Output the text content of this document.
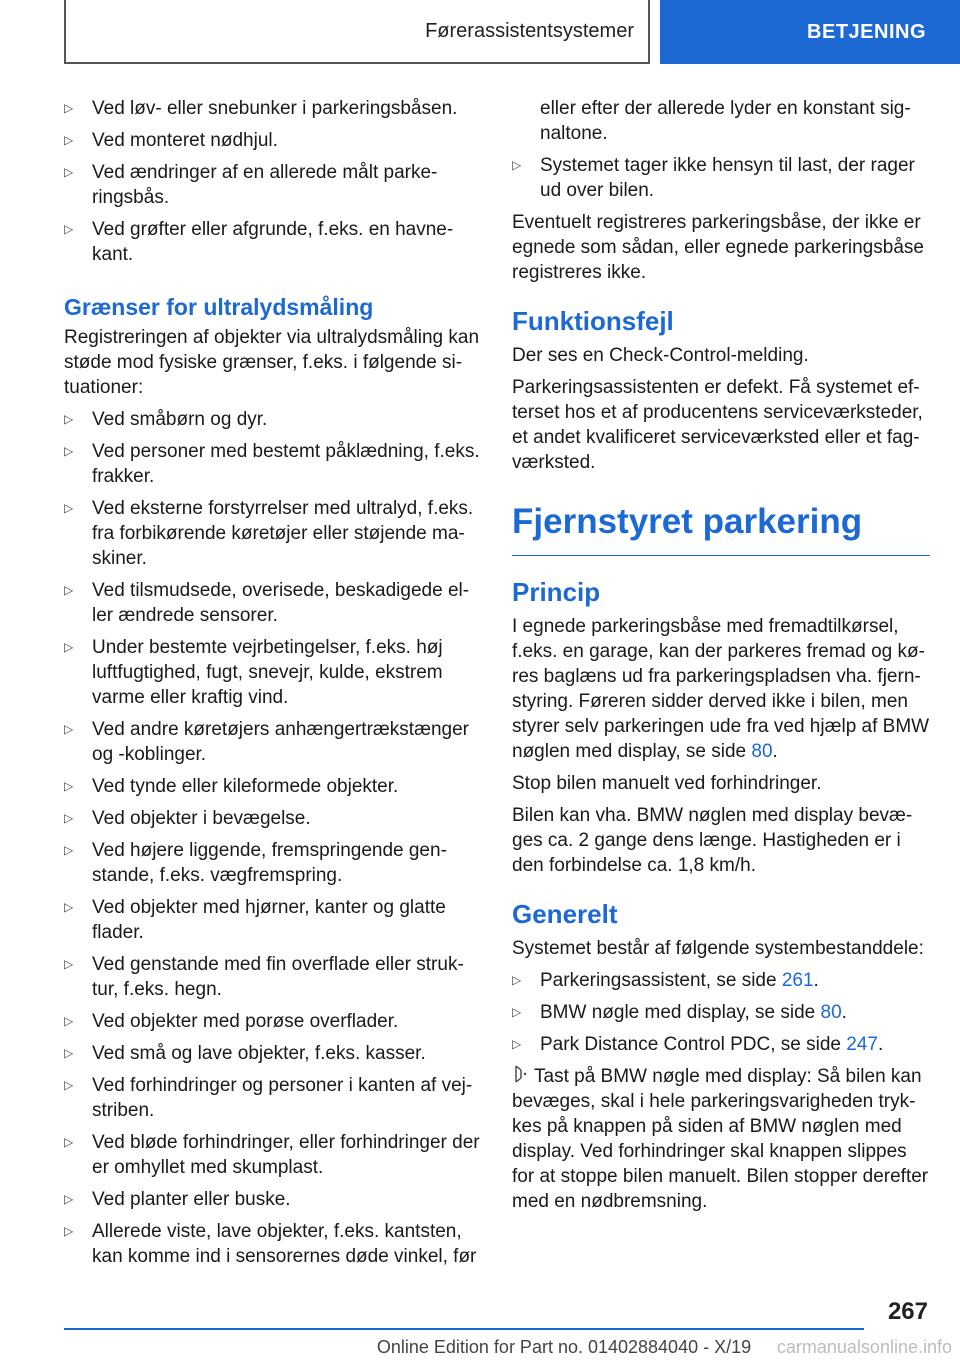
Førerassistentsystemer	BETJENING
▷ Ved løv- eller snebunker i parkeringsbåsen.
▷ Ved monteret nødhjul.
▷ Ved ændringer af en allerede målt parkeringsbås.
▷ Ved grøfter eller afgrunde, f.eks. en havnekant.
Grænser for ultralydsmåling

Registreringen af objekter via ultralydsmåling kan støde mod fysiske grænser, f.eks. i følgende situationer:

▷ Ved småbørn og dyr.
▷ Ved personer med bestemt påklædning, f.eks. frakker.
▷ Ved eksterne forstyrrelser med ultralyd, f.eks. fra forbikørende køretøjer eller støjende maskiner.
▷ Ved tilsmudsede, overisede, beskadigede eller ændrede sensorer.
▷ Under bestemte vejrbetingelser, f.eks. høj luftfugtighed, fugt, snevejr, kulde, ekstrem varme eller kraftig vind.
▷ Ved andre køretøjers anhængertrækstænger og -koblinger.
▷ Ved tynde eller kileformede objekter.
▷ Ved objekter i bevægelse.
▷ Ved højere liggende, fremspringende genstande, f.eks. vægfremspring.
▷ Ved objekter med hjørner, kanter og glatte flader.
▷ Ved genstande med fin overflade eller struktur, f.eks. hegn.
▷ Ved objekter med porøse overflader.
▷ Ved små og lave objekter, f.eks. kasser.
▷ Ved forhindringer og personer i kanten af vejstriben.
▷ Ved bløde forhindringer, eller forhindringer der er omhyllet med skumplast.
▷ Ved planter eller buske.
▷ Allerede viste, lave objekter, f.eks. kantsten, kan komme ind i sensorernes døde vinkel, før

eller efter der allerede lyder en konstant signaltone.

▷ Systemet tager ikke hensyn til last, der rager ud over bilen.

Eventuelt registreres parkeringsbåse, der ikke er egnede som sådan, eller egnede parkeringsbåse registreres ikke.

Funktionsfejl

Der ses en Check-Control-melding.

Parkeringsassistenten er defekt. Få systemet efterset hos et af producentens serviceværksteder, et andet kvalificeret serviceværksted eller et fagværksted.

Fjernstyret parkering
Princip

I egnede parkeringsbåse med fremadtilkørsel, f.eks. en garage, kan der parkeres fremad og køres baglæns ud fra parkeringspladsen vha. fjernstyring. Føreren sidder derved ikke i bilen, men styrer selv parkeringen ude fra ved hjælp af BMW nøglen med display, se side 80.

Stop bilen manuelt ved forhindringer.

Bilen kan vha. BMW nøglen med display bevæges ca. 2 gange dens længe. Hastigheden er i den forbindelse ca. 1,8 km/h.

Generelt

Systemet består af følgende systembestanddele:

▷ Parkeringsassistent, se side 261.
▷ BMW nøgle med display, se side 80.
▷ Park Distance Control PDC, se side 247.

Tast på BMW nøgle med display: Så bilen kan bevæges, skal i hele parkeringsvarigheden trykkes på knappen på siden af BMW nøglen med display. Ved forhindringer skal knappen slippes for at stoppe bilen manuelt. Bilen stopper derefter med en nødbremsning.

267
Online Edition for Part no. 01402884040 - X/19	carmanualsonline.info
